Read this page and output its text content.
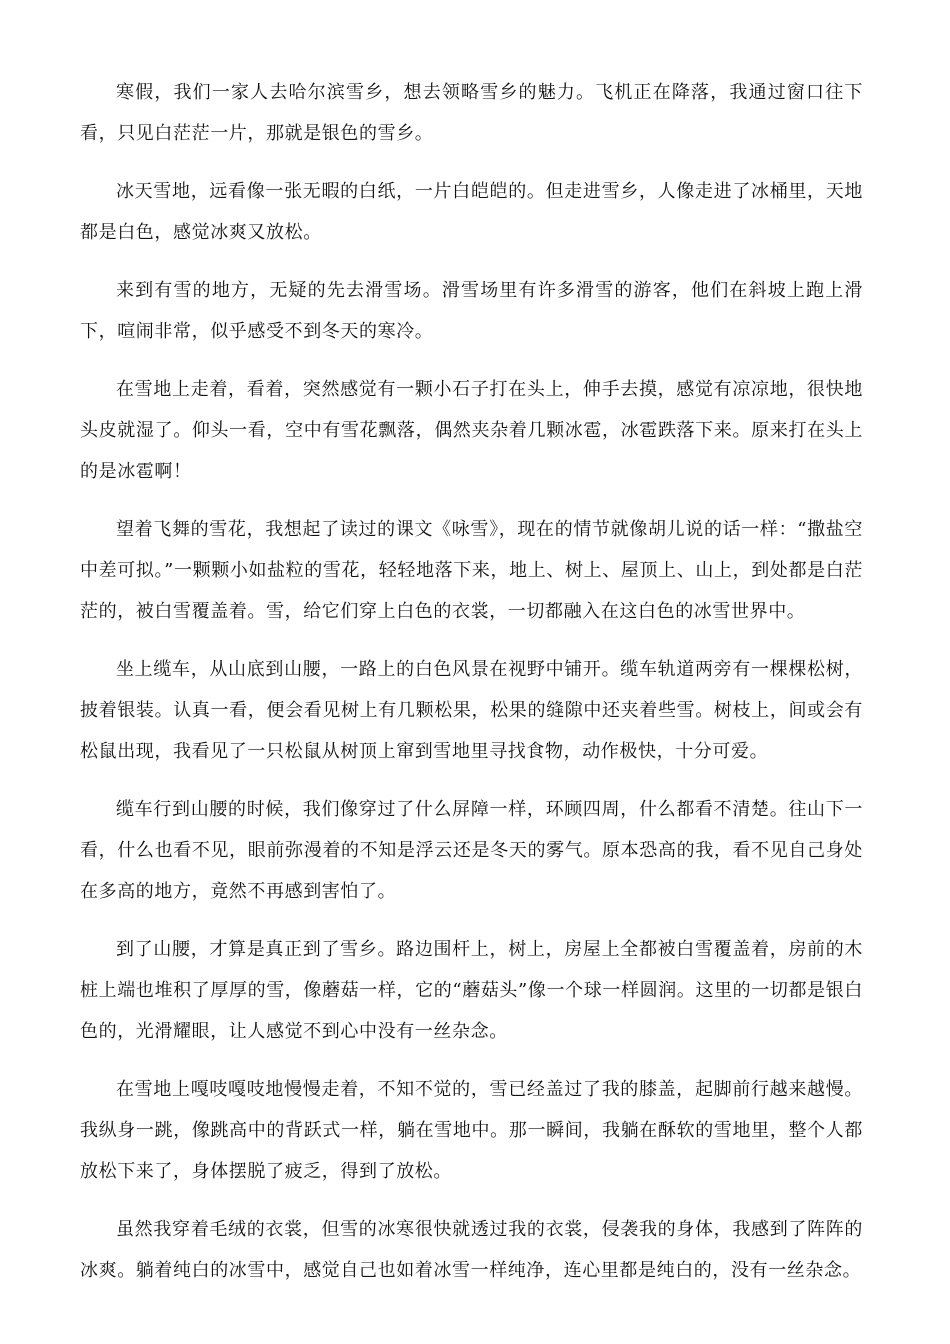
寒假，我们一家人去哈尔滨雪乡，想去领略雪乡的魅力。飞机正在降落，我通过窗口往下看，只见白茫茫一片，那就是银色的雪乡。

冰天雪地，远看像一张无暇的白纸，一片白皑皑的。但走进雪乡，人像走进了冰桶里，天地都是白色，感觉冰爽又放松。

来到有雪的地方，无疑的先去滑雪场。滑雪场里有许多滑雪的游客，他们在斜坡上跑上滑下，喧闹非常，似乎感受不到冬天的寒冷。

在雪地上走着，看着，突然感觉有一颗小石子打在头上，伸手去摸，感觉有凉凉地，很快地头皮就湿了。仰头一看，空中有雪花飘落，偶然夹杂着几颗冰雹，冰雹跌落下来。原来打在头上的是冰雹啊！

望着飞舞的雪花，我想起了读过的课文《咏雪》，现在的情节就像胡儿说的话一样：“撒盐空中差可拟。”一颗颗小如盐粒的雪花，轻轻地落下来，地上、树上、屋顶上、山上，到处都是白茫茫的，被白雪覆盖着。雪，给它们穿上白色的衣裳，一切都融入在这白色的冰雪世界中。

坐上缆车，从山底到山腰，一路上的白色风景在视野中铺开。缆车轨道两旁有一棵棵松树，披着银装。认真一看，便会看见树上有几颗松果，松果的缝隙中还夹着些雪。树枝上，间或会有松鼠出现，我看见了一只松鼠从树顶上窜到雪地里寻找食物，动作极快，十分可爱。

缆车行到山腰的时候，我们像穿过了什么屏障一样，环顾四周，什么都看不清楚。往山下一看，什么也看不见，眼前弥漫着的不知是浮云还是冬天的雾气。原本恐高的我，看不见自己身处在多高的地方，竟然不再感到害怕了。

到了山腰，才算是真正到了雪乡。路边围杆上，树上，房屋上全都被白雪覆盖着，房前的木桩上端也堆积了厚厚的雪，像蘑菇一样，它的“蘑菇头”像一个球一样圆润。这里的一切都是银白色的，光滑耀眼，让人感觉不到心中没有一丝杂念。

在雪地上嘎吱嘎吱地慢慢走着，不知不觉的，雪已经盖过了我的膝盖，起脚前行越来越慢。我纵身一跳，像跳高中的背跃式一样，躺在雪地中。那一瞬间，我躺在酥软的雪地里，整个人都放松下来了，身体摆脱了疲乏，得到了放松。

虽然我穿着毛绒的衣裳，但雪的冰寒很快就透过我的衣裳，侵袭我的身体，我感到了阵阵的冰爽。躺着纯白的冰雪中，感觉自己也如着冰雪一样纯净，连心里都是纯白的，没有一丝杂念。
